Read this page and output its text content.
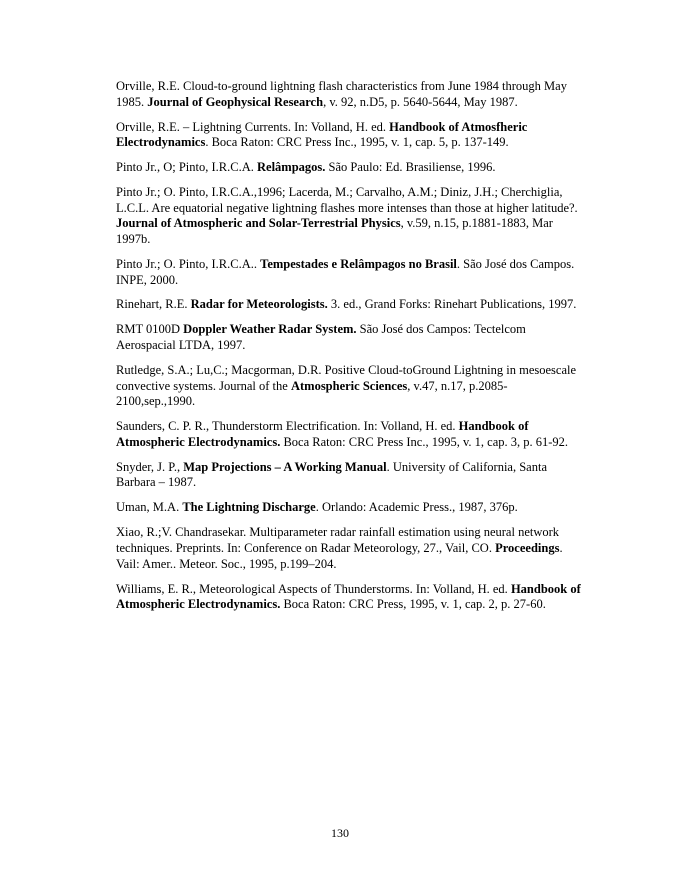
Orville, R.E. Cloud-to-ground lightning flash characteristics from June 1984 through May 1985. Journal of Geophysical Research, v. 92, n.D5, p. 5640-5644, May 1987.

Orville, R.E. – Lightning Currents. In: Volland, H. ed. Handbook of Atmosfheric Electrodynamics. Boca Raton: CRC Press Inc., 1995, v. 1, cap. 5, p. 137-149.

Pinto Jr., O; Pinto, I.R.C.A. Relâmpagos. São Paulo: Ed. Brasiliense, 1996.

Pinto Jr.; O. Pinto, I.R.C.A.,1996; Lacerda, M.; Carvalho, A.M.; Diniz, J.H.; Cherchiglia, L.C.L. Are equatorial negative lightning flashes more intenses than those at higher latitude?. Journal of Atmospheric and Solar-Terrestrial Physics, v.59, n.15, p.1881-1883, Mar 1997b.

Pinto Jr.; O. Pinto, I.R.C.A.. Tempestades e Relâmpagos no Brasil. São José dos Campos. INPE, 2000.

Rinehart, R.E. Radar for Meteorologists. 3. ed., Grand Forks: Rinehart Publications, 1997.

RMT 0100D Doppler Weather Radar System. São José dos Campos: Tectelcom Aerospacial LTDA, 1997.

Rutledge, S.A.; Lu,C.; Macgorman, D.R. Positive Cloud-toGround Lightning in mesoescale convective systems. Journal of the Atmospheric Sciences, v.47, n.17, p.2085-2100,sep.,1990.

Saunders, C. P. R., Thunderstorm Electrification. In: Volland, H. ed. Handbook of Atmospheric Electrodynamics. Boca Raton: CRC Press Inc., 1995, v. 1, cap. 3, p. 61-92.

Snyder, J. P., Map Projections – A Working Manual. University of California, Santa Barbara – 1987.

Uman, M.A. The Lightning Discharge. Orlando: Academic Press., 1987, 376p.

Xiao, R.;V. Chandrasekar. Multiparameter radar rainfall estimation using neural network techniques. Preprints. In: Conference on Radar Meteorology, 27., Vail, CO. Proceedings. Vail: Amer.. Meteor. Soc., 1995, p.199–204.

Williams, E. R., Meteorological Aspects of Thunderstorms. In: Volland, H. ed. Handbook of Atmospheric Electrodynamics. Boca Raton: CRC Press, 1995, v. 1, cap. 2, p. 27-60.

130
